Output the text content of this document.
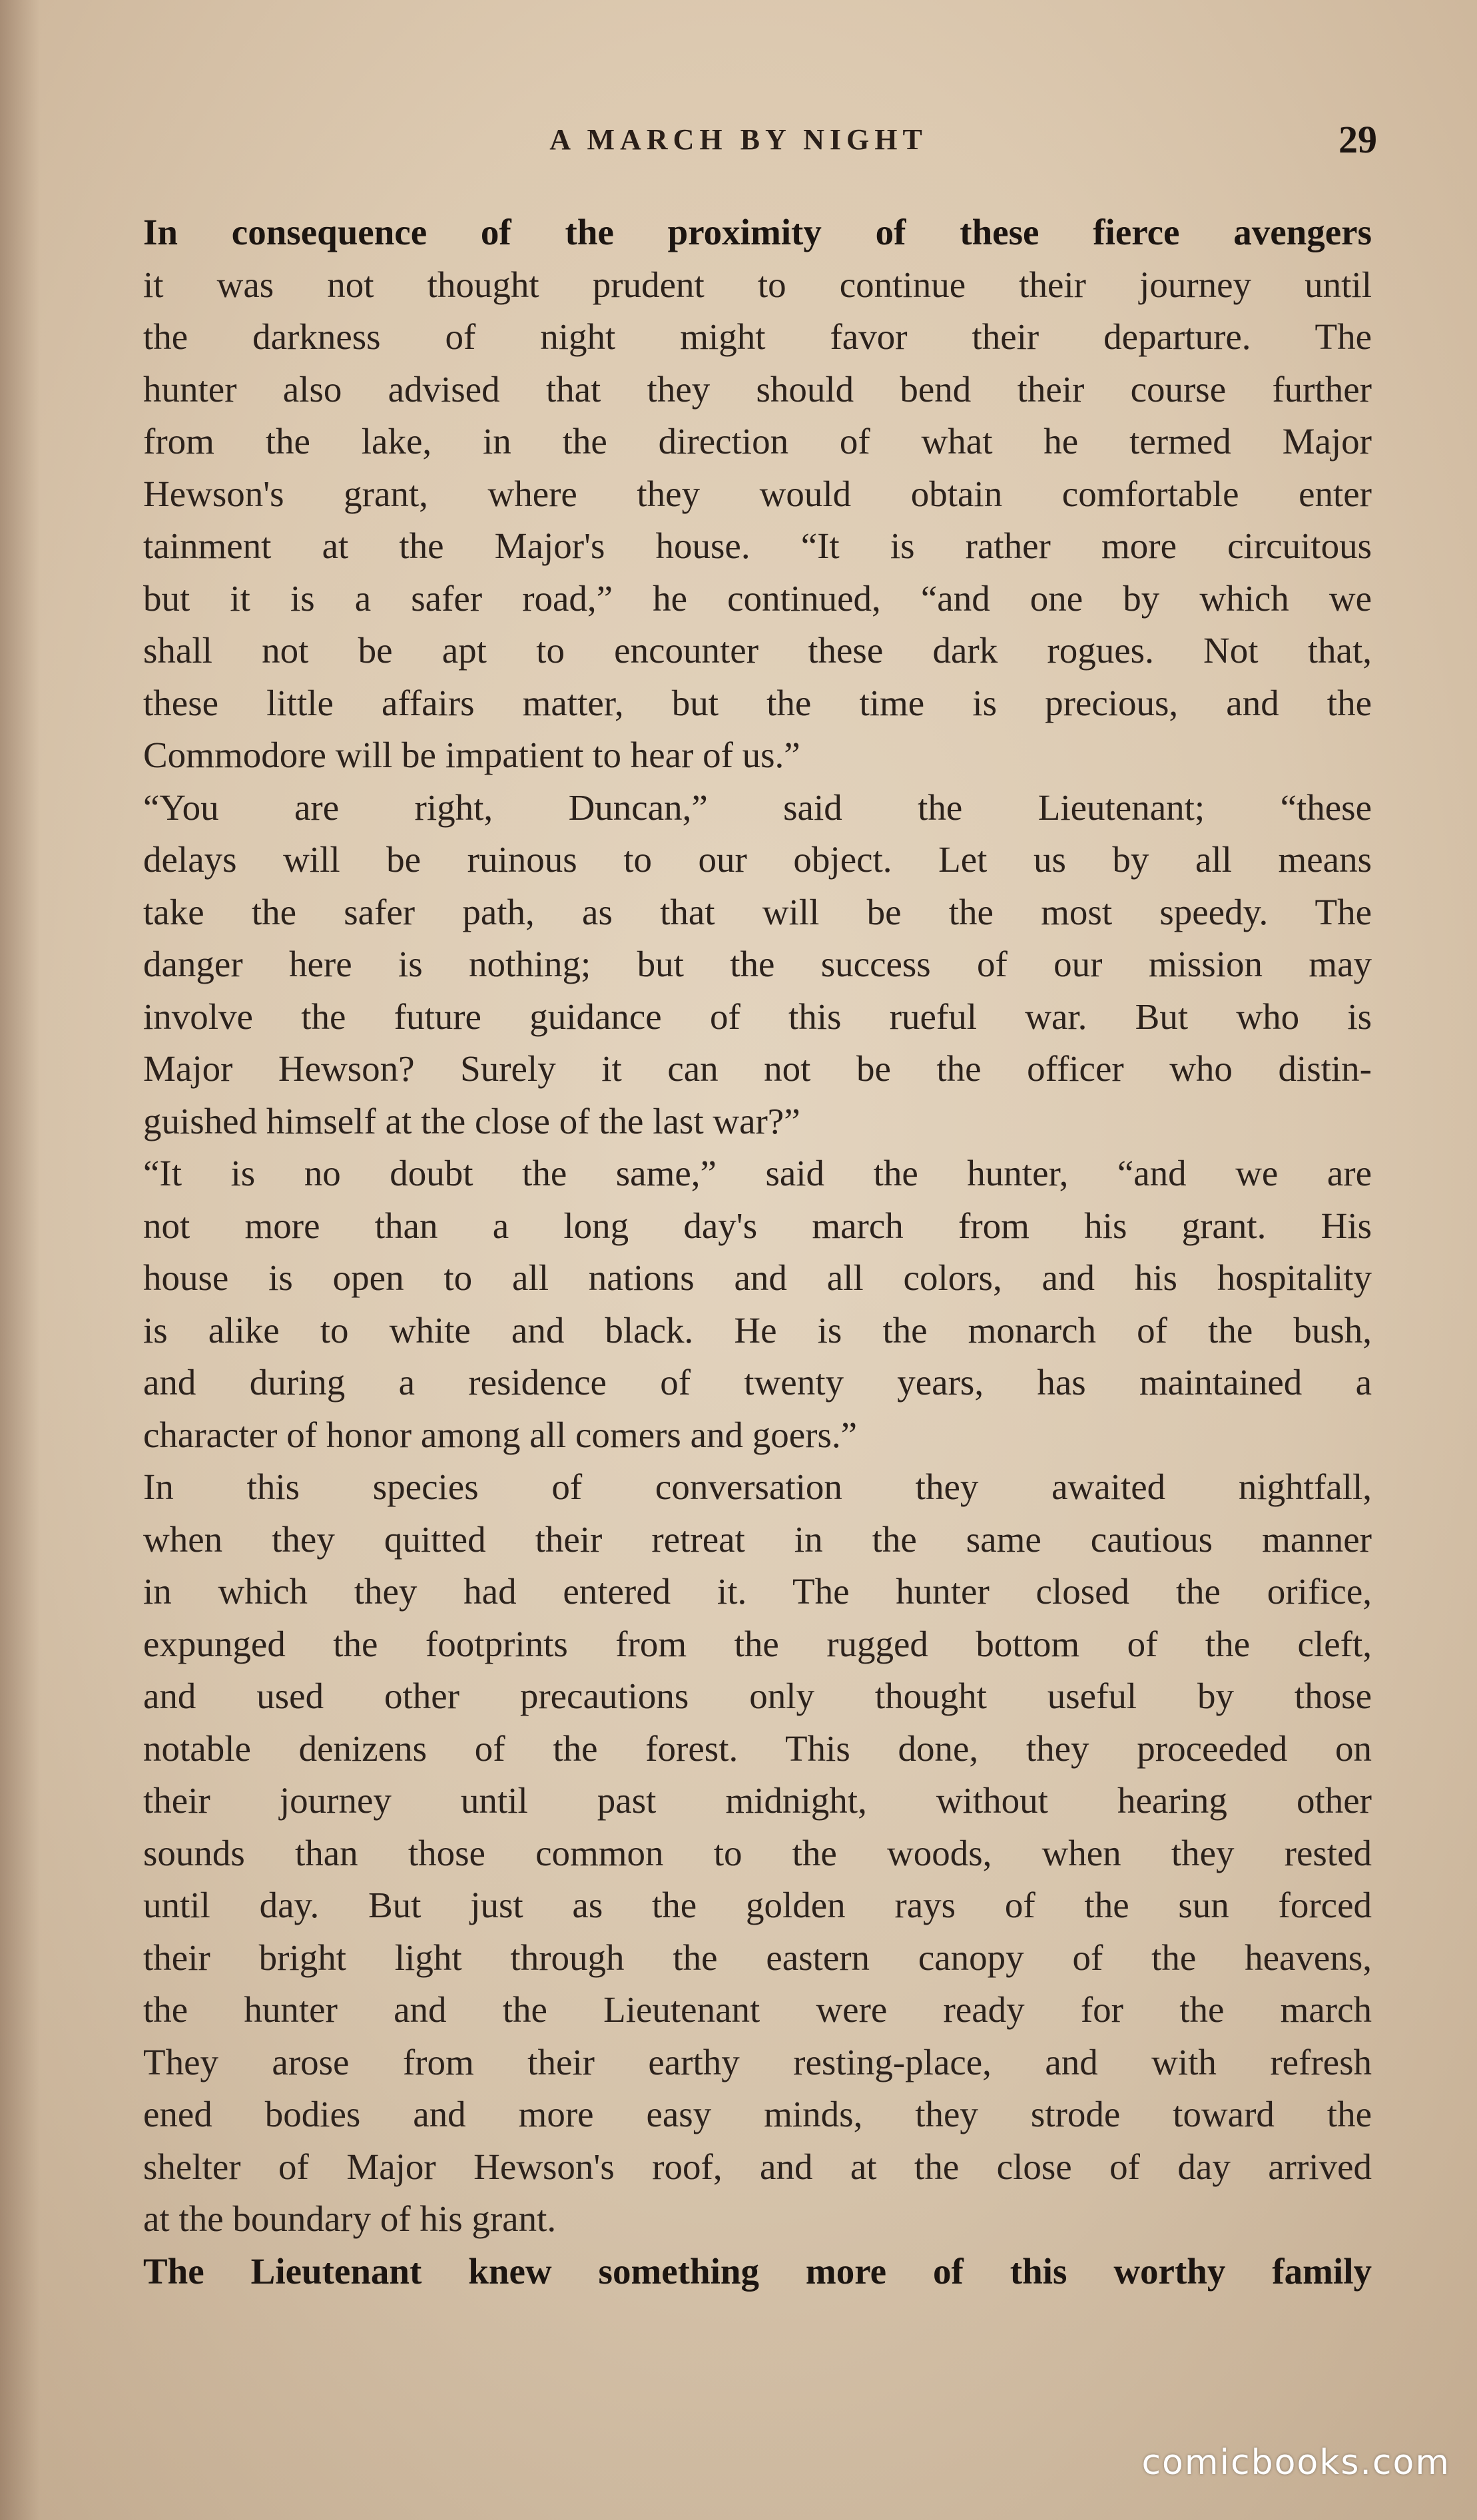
A MARCH BY NIGHT	29
In consequence of the proximity of these fierce avengers
it was not thought prudent to continue their journey until
the darkness of night might favor their departure. The
hunter also advised that they should bend their course further
from the lake, in the direction of what he termed Major
Hewson's grant, where they would obtain comfortable enter
tainment at the Major's house. “It is rather more circuitous
but it is a safer road,” he continued, “and one by which we
shall not be apt to encounter these dark rogues. Not that,
these little affairs matter, but the time is precious, and the
Commodore will be impatient to hear of us.”
“You are right, Duncan,” said the Lieutenant; “these
delays will be ruinous to our object. Let us by all means
take the safer path, as that will be the most speedy. The
danger here is nothing; but the success of our mission may
involve the future guidance of this rueful war. But who is
Major Hewson? Surely it can not be the officer who distin-
guished himself at the close of the last war?”
“It is no doubt the same,” said the hunter, “and we are
not more than a long day's march from his grant. His
house is open to all nations and all colors, and his hospitality
is alike to white and black. He is the monarch of the bush,
and during a residence of twenty years, has maintained a
character of honor among all comers and goers.”
In this species of conversation they awaited nightfall,
when they quitted their retreat in the same cautious manner
in which they had entered it. The hunter closed the orifice,
expunged the footprints from the rugged bottom of the cleft,
and used other precautions only thought useful by those
notable denizens of the forest. This done, they proceeded on
their journey until past midnight, without hearing other
sounds than those common to the woods, when they rested
until day. But just as the golden rays of the sun forced
their bright light through the eastern canopy of the heavens,
the hunter and the Lieutenant were ready for the march
They arose from their earthy resting-place, and with refresh
ened bodies and more easy minds, they strode toward the
shelter of Major Hewson's roof, and at the close of day arrived
at the boundary of his grant.
The Lieutenant knew something more of this worthy family
comicbooks.com
